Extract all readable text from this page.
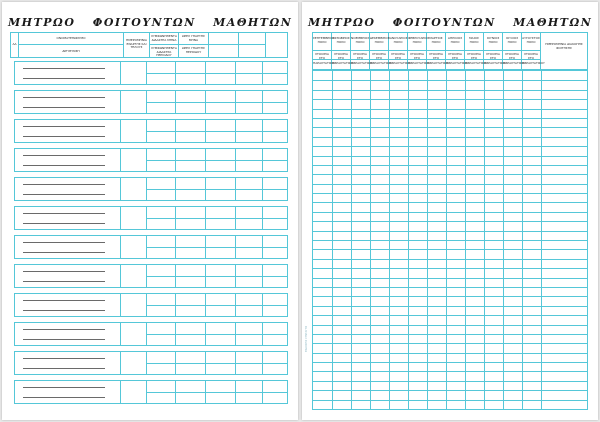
ΜΗΤΡΩΟ ΦΟΙΤΟΥΝΤΩΝ ΜΑΘΗΤΩΝ
ΑΑ
ΟΝΟΜΑΤΕΠΩΝΥΜΟ
ΔΙΕΥΘΥΝΣΗ
ΗΜΕΡΟΜΗΝΙΑ ΕΝΑΡΞΗΣ ΚΑΙ ΤΕΛΟΥΣ
ΣΥΜΦΩΝΗΘΕΝΤΑ ΔΙΔΑΚΤΡΑ ΜΗΝΑ
ΣΥΜΦΩΝΗΘΕΝΤΑ ΔΙΔΑΚΤΡΑ ΠΕΡΙΟΔΟΥ
ΩΡΕΣ ΥΠΑΡΞΗΣ ΜΗΝΑ
ΩΡΕΣ ΥΠΑΡΞΗΣ ΠΕΡΙΟΔΟΥ
ΜΗΤΡΩΟ ΦΟΙΤΟΥΝΤΩΝ ΜΑΘΗΤΩΝ
ΣΕΠΤΕΜΒΡΙΟΣ ΠΟΣΟ
ΣΤΟΙΧΕΙΑ ΣΤΟ
ΠΑΡΑΣΤΑΤΙΚΟΥ
ΟΚΤΩΒΡΙΟΣ ΠΟΣΟ
ΣΤΟΙΧΕΙΑ ΣΤΟ
ΠΑΡΑΣΤΑΤΙΚΟΥ
ΝΟΕΜΒΡΙΟΣ ΠΟΣΟ
ΣΤΟΙΧΕΙΑ ΣΤΟ
ΠΑΡΑΣΤΑΤΙΚΟΥ
ΔΕΚΕΜΒΡΙΟΣ ΠΟΣΟ
ΣΤΟΙΧΕΙΑ ΣΤΟ
ΠΑΡΑΣΤΑΤΙΚΟΥ
ΙΑΝΟΥΑΡΙΟΣ ΠΟΣΟ
ΣΤΟΙΧΕΙΑ ΣΤΟ
ΠΑΡΑΣΤΑΤΙΚΟΥ
ΦΕΒΡΟΥΑΡΙΟΣ ΠΟΣΟ
ΣΤΟΙΧΕΙΑ ΣΤΟ
ΠΑΡΑΣΤΑΤΙΚΟΥ
ΜΑΡΤΙΟΣ ΠΟΣΟ
ΣΤΟΙΧΕΙΑ ΣΤΟ
ΠΑΡΑΣΤΑΤΙΚΟΥ
ΑΠΡΙΛΙΟΣ ΠΟΣΟ
ΣΤΟΙΧΕΙΑ ΣΤΟ
ΠΑΡΑΣΤΑΤΙΚΟΥ
ΜΑΙΟΣ ΠΟΣΟ
ΣΤΟΙΧΕΙΑ ΣΤΟ
ΠΑΡΑΣΤΑΤΙΚΟΥ
ΙΟΥΝΙΟΣ ΠΟΣΟ
ΣΤΟΙΧΕΙΑ ΣΤΟ
ΠΑΡΑΣΤΑΤΙΚΟΥ
ΙΟΥΛΙΟΣ ΠΟΣΟ
ΣΤΟΙΧΕΙΑ ΣΤΟ
ΠΑΡΑΣΤΑΤΙΚΟΥ
ΑΥΓΟΥΣΤΟΣ ΠΟΣΟ
ΣΤΟΙΧΕΙΑ ΣΤΟ
ΠΑΡΑΣΤΑΤΙΚΟΥ
ΗΜΕΡΟΜΗΝΙΑ ΔΙΑΚΟΠΗΣ ΦΟΙΤΗΣΗΣ
ΕΚΔΟΣΕΙΣ ΣΥΝΤΑΓΗΣ
